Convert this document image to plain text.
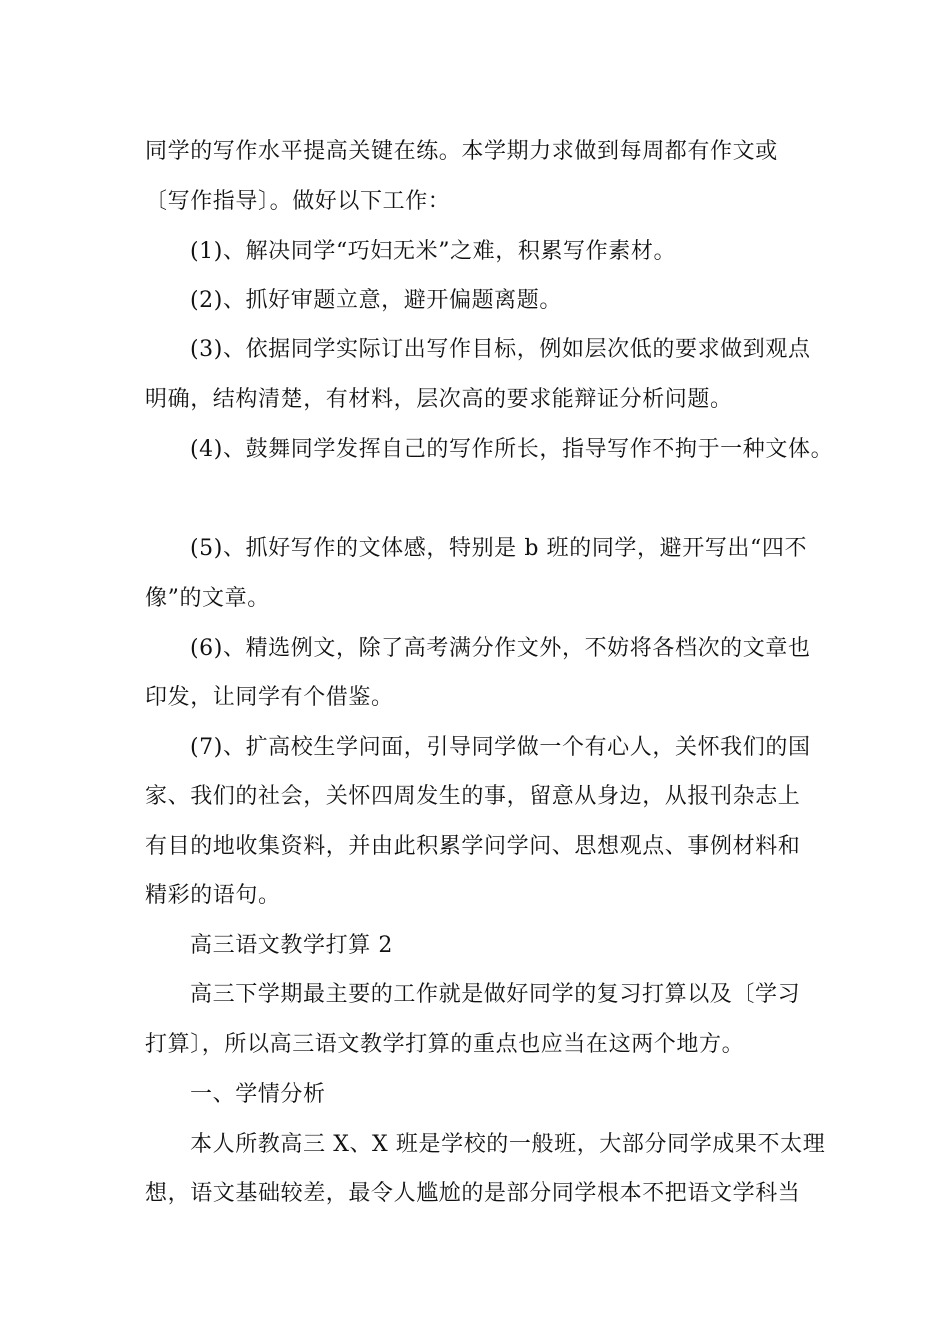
同学的写作水平提高关键在练。本学期力求做到每周都有作文或
〔写作指导〕。做好以下工作：
(1)、解决同学“巧妇无米”之难，积累写作素材。
(2)、抓好审题立意，避开偏题离题。
(3)、依据同学实际订出写作目标，例如层次低的要求做到观点
明确，结构清楚，有材料，层次高的要求能辩证分析问题。
(4)、鼓舞同学发挥自己的写作所长，指导写作不拘于一种文体。
(5)、抓好写作的文体感，特别是 b 班的同学，避开写出“四不
像”的文章。
(6)、精选例文，除了高考满分作文外，不妨将各档次的文章也
印发，让同学有个借鉴。
(7)、扩高校生学问面，引导同学做一个有心人，关怀我们的国
家、我们的社会，关怀四周发生的事，留意从身边，从报刊杂志上
有目的地收集资料，并由此积累学问学问、思想观点、事例材料和
精彩的语句。
高三语文教学打算 2
高三下学期最主要的工作就是做好同学的复习打算以及〔学习
打算〕，所以高三语文教学打算的重点也应当在这两个地方。
一、学情分析
本人所教高三 X、X 班是学校的一般班，大部分同学成果不太理
想，语文基础较差，最令人尴尬的是部分同学根本不把语文学科当
